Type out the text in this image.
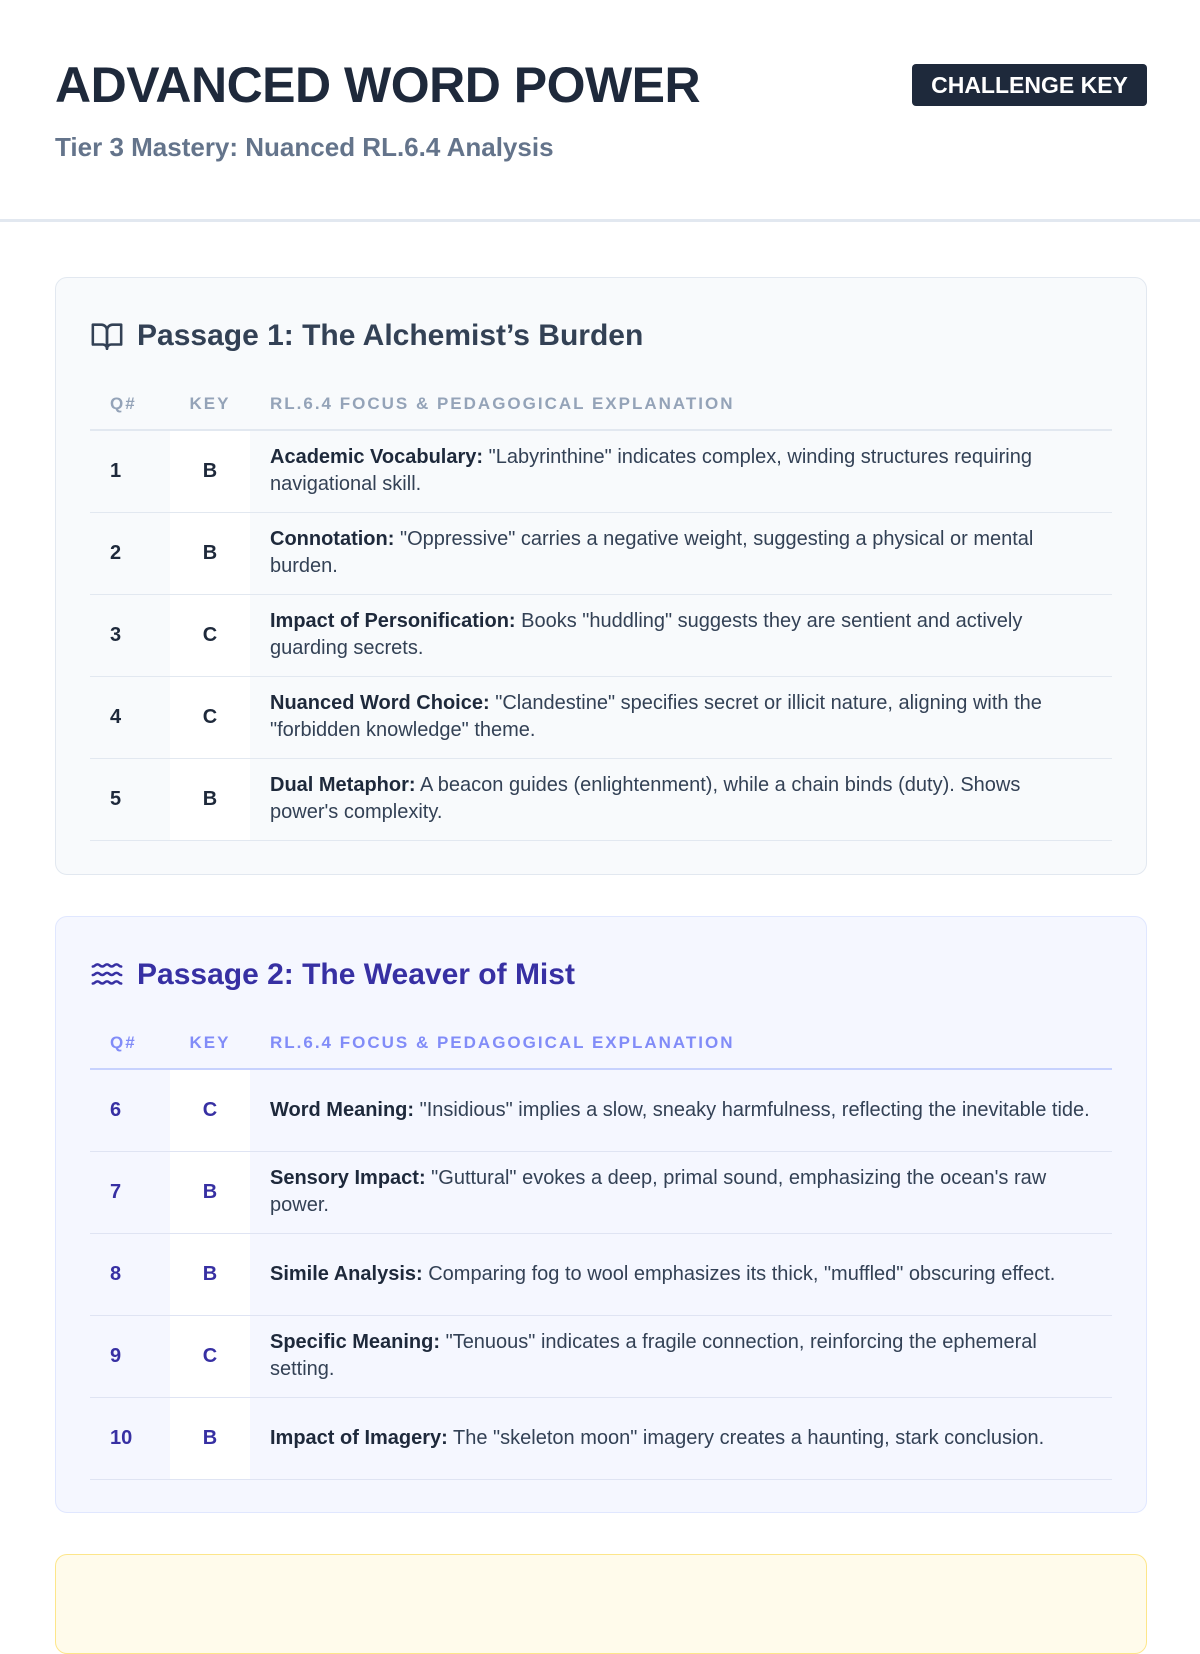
ADVANCED WORD POWER
Tier 3 Mastery: Nuanced RL.6.4 Analysis
CHALLENGE KEY
Passage 1: The Alchemist’s Burden
Q#	KEY	RL.6.4 FOCUS & PEDAGOGICAL EXPLANATION
1	B	Academic Vocabulary: "Labyrinthine" indicates complex, winding structures requiring navigational skill.
2	B	Connotation: "Oppressive" carries a negative weight, suggesting a physical or mental burden.
3	C	Impact of Personification: Books "huddling" suggests they are sentient and actively guarding secrets.
4	C	Nuanced Word Choice: "Clandestine" specifies secret or illicit nature, aligning with the "forbidden knowledge" theme.
5	B	Dual Metaphor: A beacon guides (enlightenment), while a chain binds (duty). Shows power's complexity.
Passage 2: The Weaver of Mist
Q#	KEY	RL.6.4 FOCUS & PEDAGOGICAL EXPLANATION
6	C	Word Meaning: "Insidious" implies a slow, sneaky harmfulness, reflecting the inevitable tide.
7	B	Sensory Impact: "Guttural" evokes a deep, primal sound, emphasizing the ocean's raw power.
8	B	Simile Analysis: Comparing fog to wool emphasizes its thick, "muffled" obscuring effect.
9	C	Specific Meaning: "Tenuous" indicates a fragile connection, reinforcing the ephemeral setting.
10	B	Impact of Imagery: The "skeleton moon" imagery creates a haunting, stark conclusion.
